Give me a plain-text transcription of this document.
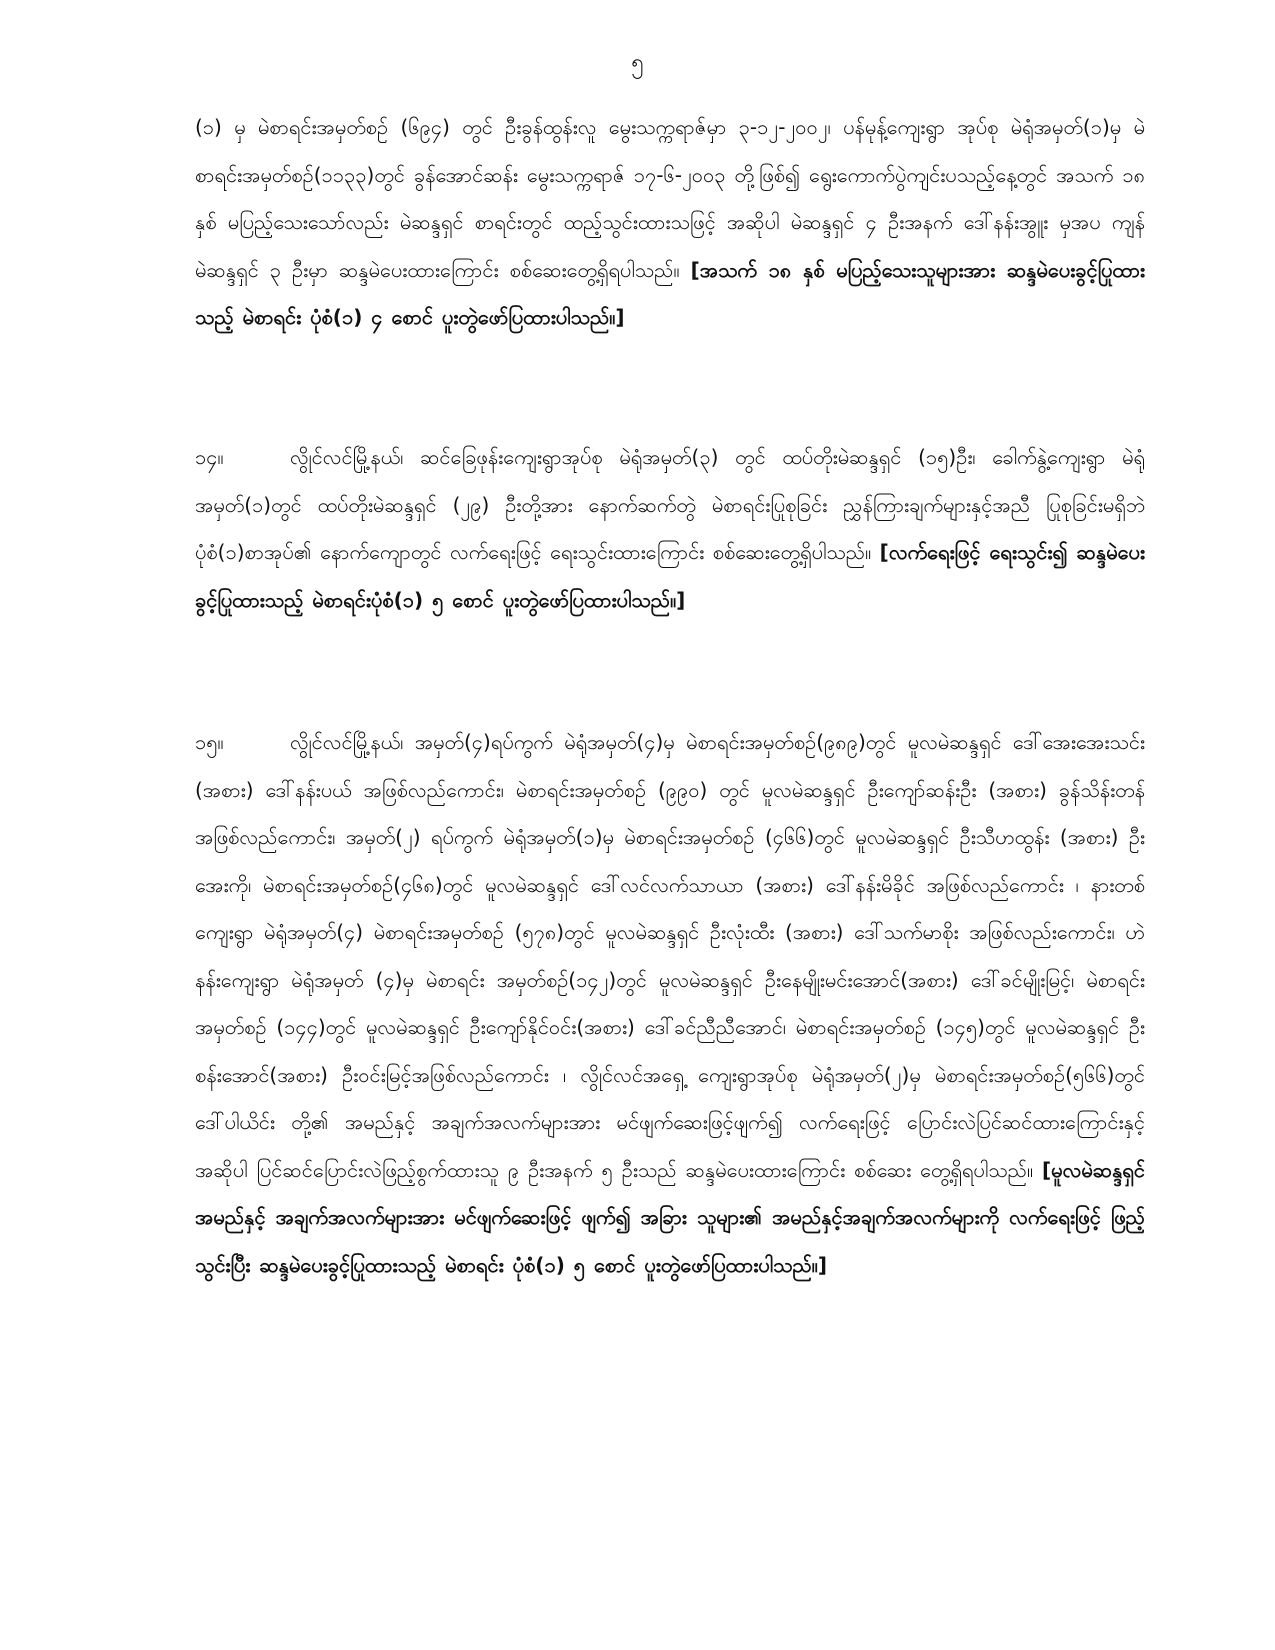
၅

(၁) မှ မဲစာရင်းအမှတ်စဉ် (၆၉၄) တွင် ဦးခွန်ထွန်းလူ မွေးသက္ကရာဇ်မှာ ၃-၁၂-၂၀၀၂၊ ပန်မုန့်ကျေးရွာ အုပ်စု မဲရုံအမှတ်(၁)မှ မဲစာရင်းအမှတ်စဉ်(၁၁၃၃)တွင် ခွန်အောင်ဆန်း မွေးသက္ကရာဇ် ၁၇-၆-၂၀၀၃ တို့ဖြစ်၍ ရွေးကောက်ပွဲကျင်းပသည့်နေ့တွင် အသက် ၁၈ နှစ် မပြည့်သေးသော်လည်း မဲဆန္ဒရှင် စာရင်းတွင် ထည့်သွင်းထားသဖြင့် အဆိုပါ မဲဆန္ဒရှင် ၄ ဦးအနက် ဒေါ်နန်းအွူး မှအပ ကျန်မဲဆန္ဒရှင် ၃ ဦးမှာ ဆန္ဒမဲပေးထားကြောင်း စစ်ဆေးတွေ့ရှိရပါသည်။ [အသက် ၁၈ နှစ် မပြည့်သေးသူများအား ဆန္ဒမဲပေးခွင့်ပြုထားသည့် မဲစာရင်း ပုံစံ(၁) ၄ စောင် ပူးတွဲဖော်ပြထားပါသည်။]

၁၄။	လွိုင်လင်မြို့နယ်၊ ဆင်ခြေဖုန်းကျေးရွာအုပ်စု မဲရုံအမှတ်(၃) တွင် ထပ်တိုးမဲဆန္ဒရှင် (၁၅)ဦး၊ ခေါက်နွဲ့ကျေးရွာ မဲရုံအမှတ်(၁)တွင် ထပ်တိုးမဲဆန္ဒရှင် (၂၉) ဦးတို့အား နောက်ဆက်တွဲ မဲစာရင်းပြုစုခြင်း ညွှန်ကြားချက်များနှင့်အညီ ပြုစုခြင်းမရှိဘဲ ပုံစံ(၁)စာအုပ်၏ နောက်ကျောတွင် လက်ရေးဖြင့် ရေးသွင်းထားကြောင်း စစ်ဆေးတွေ့ရှိပါသည်။ [လက်ရေးဖြင့် ရေးသွင်း၍ ဆန္ဒမဲပေး ခွင့်ပြုထားသည့် မဲစာရင်းပုံစံ(၁) ၅ စောင် ပူးတွဲဖော်ပြထားပါသည်။]

၁၅။	လွိုင်လင်မြို့နယ်၊ အမှတ်(၄)ရပ်ကွက် မဲရုံအမှတ်(၄)မှ မဲစာရင်းအမှတ်စဉ်(၉၈၉)တွင် မူလမဲဆန္ဒရှင် ဒေါ်အေးအေးသင်း (အစား) ဒေါ်နန်းပယ် အဖြစ်လည်ကောင်း၊ မဲစာရင်းအမှတ်စဉ် (၉၉၀) တွင် မူလမဲဆန္ဒရှင် ဦးကျော်ဆန်းဦး (အစား) ခွန်သိန်းတန်အဖြစ်လည်ကောင်း၊ အမှတ်(၂) ရပ်ကွက် မဲရုံအမှတ်(၁)မှ မဲစာရင်းအမှတ်စဉ် (၄၆၆)တွင် မူလမဲဆန္ဒရှင် ဦးသီဟထွန်း (အစား) ဦးအေးကို၊ မဲစာရင်းအမှတ်စဉ်(၄၆၈)တွင် မူလမဲဆန္ဒရှင် ဒေါ်လင်လက်သာယာ (အစား) ဒေါ်နန်းမိခိုင် အဖြစ်လည်ကောင်း ၊ နားတစ်ကျေးရွာ မဲရုံအမှတ်(၄) မဲစာရင်းအမှတ်စဉ် (၅၇၈)တွင် မူလမဲဆန္ဒရှင် ဦးလုံးထီး (အစား) ဒေါ်သက်မာစိုး အဖြစ်လည်းကောင်း၊ ဟဲနန်းကျေးရွာ မဲရုံအမှတ် (၄)မှ မဲစာရင်း အမှတ်စဉ်(၁၄၂)တွင် မူလမဲဆန္ဒရှင် ဦးနေမျိုးမင်းအောင်(အစား) ဒေါ်ခင်မျိုးမြင့်၊ မဲစာရင်းအမှတ်စဉ် (၁၄၄)တွင် မူလမဲဆန္ဒရှင် ဦးကျော်နိုင်ဝင်း(အစား) ဒေါ်ခင်ညီညီအောင်၊ မဲစာရင်းအမှတ်စဉ် (၁၄၅)တွင် မူလမဲဆန္ဒရှင် ဦးစန်းအောင်(အစား) ဦးဝင်းမြင့်အဖြစ်လည်ကောင်း ၊ လွိုင်လင်အရှေ့ ကျေးရွာအုပ်စု မဲရုံအမှတ်(၂)မှ မဲစာရင်းအမှတ်စဉ်(၅၆၆)တွင် ဒေါ်ပါယိင်း တို့၏ အမည်နှင့် အချက်အလက်များအား မင်ဖျက်ဆေးဖြင့်ဖျက်၍ လက်ရေးဖြင့် ပြောင်းလဲပြင်ဆင်ထားကြောင်းနှင့် အဆိုပါ ပြင်ဆင်ပြောင်းလဲဖြည့်စွက်ထားသူ ၉ ဦးအနက် ၅ ဦးသည် ဆန္ဒမဲပေးထားကြောင်း စစ်ဆေး တွေ့ရှိရပါသည်။ [မူလမဲဆန္ဒရှင်အမည်နှင့် အချက်အလက်များအား မင်ဖျက်ဆေးဖြင့် ဖျက်၍ အခြား သူများ၏ အမည်နှင့်အချက်အလက်များကို လက်ရေးဖြင့် ဖြည့်သွင်းပြီး ဆန္ဒမဲပေးခွင့်ပြုထားသည့် မဲစာရင်း ပုံစံ(၁) ၅ စောင် ပူးတွဲဖော်ပြထားပါသည်။]
